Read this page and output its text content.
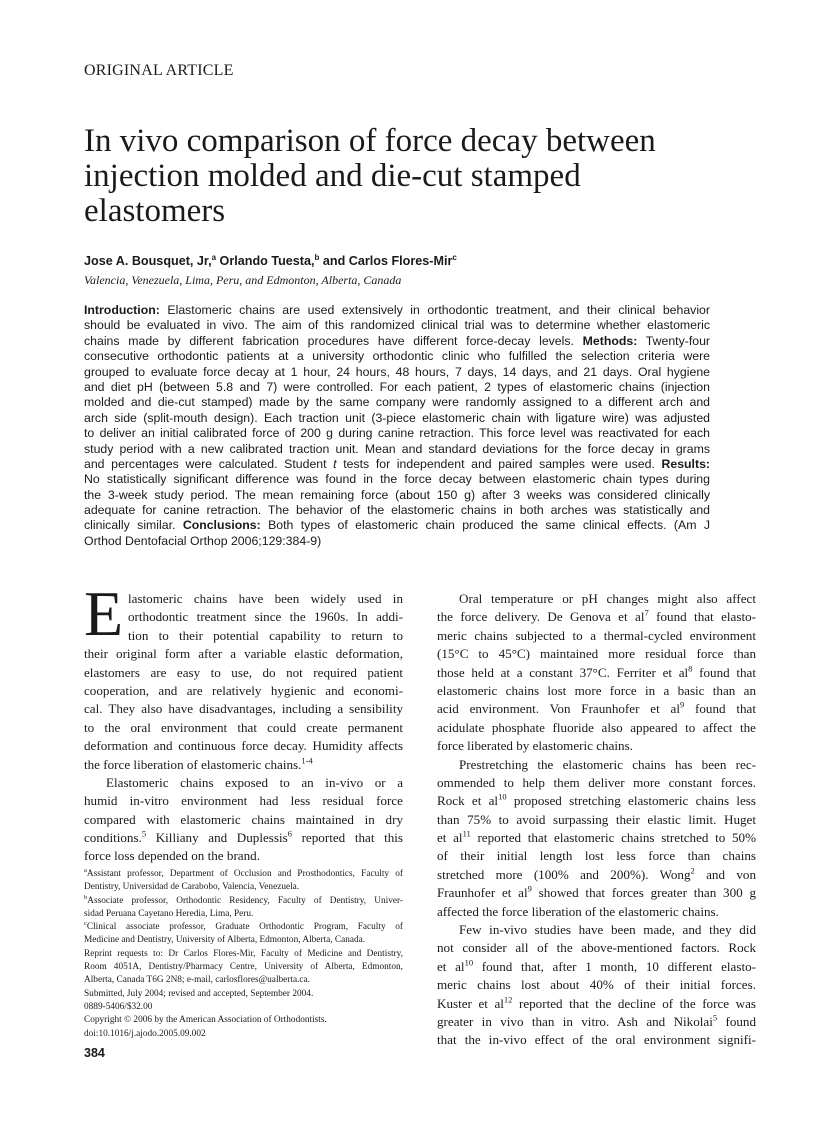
ORIGINAL ARTICLE
In vivo comparison of force decay between
injection molded and die-cut stamped
elastomers
Jose A. Bousquet, Jr,$^a$ Orlando Tuesta,$^b$ and Carlos Flores-Mir$^c$
Valencia, Venezuela, Lima, Peru, and Edmonton, Alberta, Canada
Introduction: Elastomeric chains are used extensively in orthodontic treatment, and their clinical behavior
should be evaluated in vivo. The aim of this randomized clinical trial was to determine whether elastomeric
chains made by different fabrication procedures have different force-decay levels. Methods: Twenty-four
consecutive orthodontic patients at a university orthodontic clinic who fulfilled the selection criteria were
grouped to evaluate force decay at 1 hour, 24 hours, 48 hours, 7 days, 14 days, and 21 days. Oral hygiene
and diet pH (between 5.8 and 7) were controlled. For each patient, 2 types of elastomeric chains (injection
molded and die-cut stamped) made by the same company were randomly assigned to a different arch and
arch side (split-mouth design). Each traction unit (3-piece elastomeric chain with ligature wire) was adjusted
to deliver an initial calibrated force of 200 g during canine retraction. This force level was reactivated for each
study period with a new calibrated traction unit. Mean and standard deviations for the force decay in grams
and percentages were calculated. Student t tests for independent and paired samples were used. Results:
No statistically significant difference was found in the force decay between elastomeric chain types during
the 3-week study period. The mean remaining force (about 150 g) after 3 weeks was considered clinically
adequate for canine retraction. The behavior of the elastomeric chains in both arches was statistically and
clinically similar. Conclusions: Both types of elastomeric chain produced the same clinical effects. (Am J
Orthod Dentofacial Orthop 2006;129:384-9)
E lastomeric chains have been widely used in
orthodontic treatment since the 1960s. In addi-
tion to their potential capability to return to
their original form after a variable elastic deformation,
elastomers are easy to use, do not required patient
cooperation, and are relatively hygienic and economi-
cal. They also have disadvantages, including a sensibility
to the oral environment that could create permanent
deformation and continuous force decay. Humidity affects
the force liberation of elastomeric chains.$^{1-4}$
Elastomeric chains exposed to an in-vivo or a
humid in-vitro environment had less residual force
compared with elastomeric chains maintained in dry
conditions.$^5$ Killiany and Duplessis$^6$ reported that this
force loss depended on the brand.
$^a$Assistant professor, Department of Occlusion and Prosthodontics, Faculty of
Dentistry, Universidad de Carabobo, Valencia, Venezuela.
$^b$Associate professor, Orthodontic Residency, Faculty of Dentistry, Univer-
sidad Peruana Cayetano Heredia, Lima, Peru.
$^c$Clinical associate professor, Graduate Orthodontic Program, Faculty of
Medicine and Dentistry, University of Alberta, Edmonton, Alberta, Canada.
Reprint requests to: Dr Carlos Flores-Mir, Faculty of Medicine and Dentistry,
Room 4051A, Dentistry/Pharmacy Centre, University of Alberta, Edmonton,
Alberta, Canada T6G 2N8; e-mail, carlosflores@ualberta.ca.
Submitted, July 2004; revised and accepted, September 2004.
0889-5406/$32.00
Copyright © 2006 by the American Association of Orthodontists.
doi:10.1016/j.ajodo.2005.09.002
Oral temperature or pH changes might also affect
the force delivery. De Genova et $al^7$ found that elasto-
meric chains subjected to a thermal-cycled environment
(15°C to 45°C) maintained more residual force than
those held at a constant 37°C. Ferriter et $al^8$ found that
elastomeric chains lost more force in a basic than an
acid environment. Von Fraunhofer et $al^9$ found that
acidulate phosphate fluoride also appeared to affect the
force liberated by elastomeric chains.
Prestretching the elastomeric chains has been rec-
ommended to help them deliver more constant forces.
Rock et $al^{10}$ proposed stretching elastomeric chains less
than 75% to avoid surpassing their elastic limit. Huget
et $al^{11}$ reported that elastomeric chains stretched to 50%
of their initial length lost less force than chains
stretched more (100% and 200%). Wong$^2$ and von
Fraunhofer et $al^9$ showed that forces greater than 300 g
affected the force liberation of the elastomeric chains.
Few in-vivo studies have been made, and they did
not consider all of the above-mentioned factors. Rock
et $al^{10}$ found that, after 1 month, 10 different elasto-
meric chains lost about 40% of their initial forces.
Kuster et $al^{12}$ reported that the decline of the force was
greater in vivo than in vitro. Ash and Nikolai$^5$ found
that the in-vivo effect of the oral environment signifi-
384
